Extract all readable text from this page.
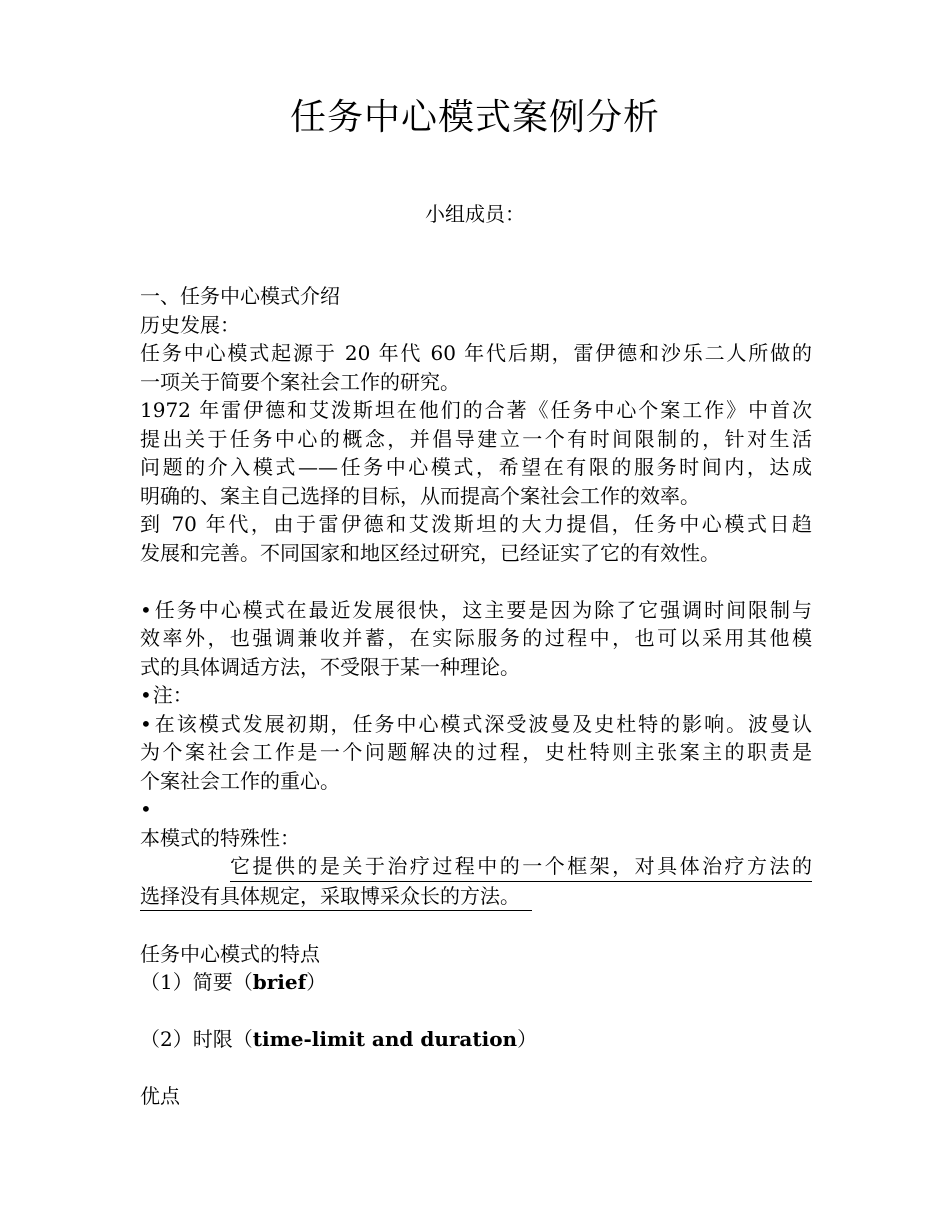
任务中心模式案例分析
小组成员：
一、任务中心模式介绍
历史发展：
任务中心模式起源于 20 年代 60 年代后期，雷伊德和沙乐二人所做的
一项关于简要个案社会工作的研究。
1972 年雷伊德和艾泼斯坦在他们的合著《任务中心个案工作》中首次
提出关于任务中心的概念，并倡导建立一个有时间限制的，针对生活
问题的介入模式——任务中心模式，希望在有限的服务时间内，达成
明确的、案主自己选择的目标，从而提高个案社会工作的效率。
到 70 年代，由于雷伊德和艾泼斯坦的大力提倡，任务中心模式日趋
发展和完善。不同国家和地区经过研究，已经证实了它的有效性。
• 任务中心模式在最近发展很快，这主要是因为除了它强调时间限制与
效率外，也强调兼收并蓄，在实际服务的过程中，也可以采用其他模
式的具体调适方法，不受限于某一种理论。
• 注：
• 在该模式发展初期，任务中心模式深受波曼及史杜特的影响。波曼认
为个案社会工作是一个问题解决的过程，史杜特则主张案主的职责是
个案社会工作的重心。
•
本模式的特殊性：
它提供的是关于治疗过程中的一个框架，对具体治疗方法的
选择没有具体规定，采取博采众长的方法。
任务中心模式的特点
（1）简要（brief）
（2）时限（time-limit and duration）
优点
